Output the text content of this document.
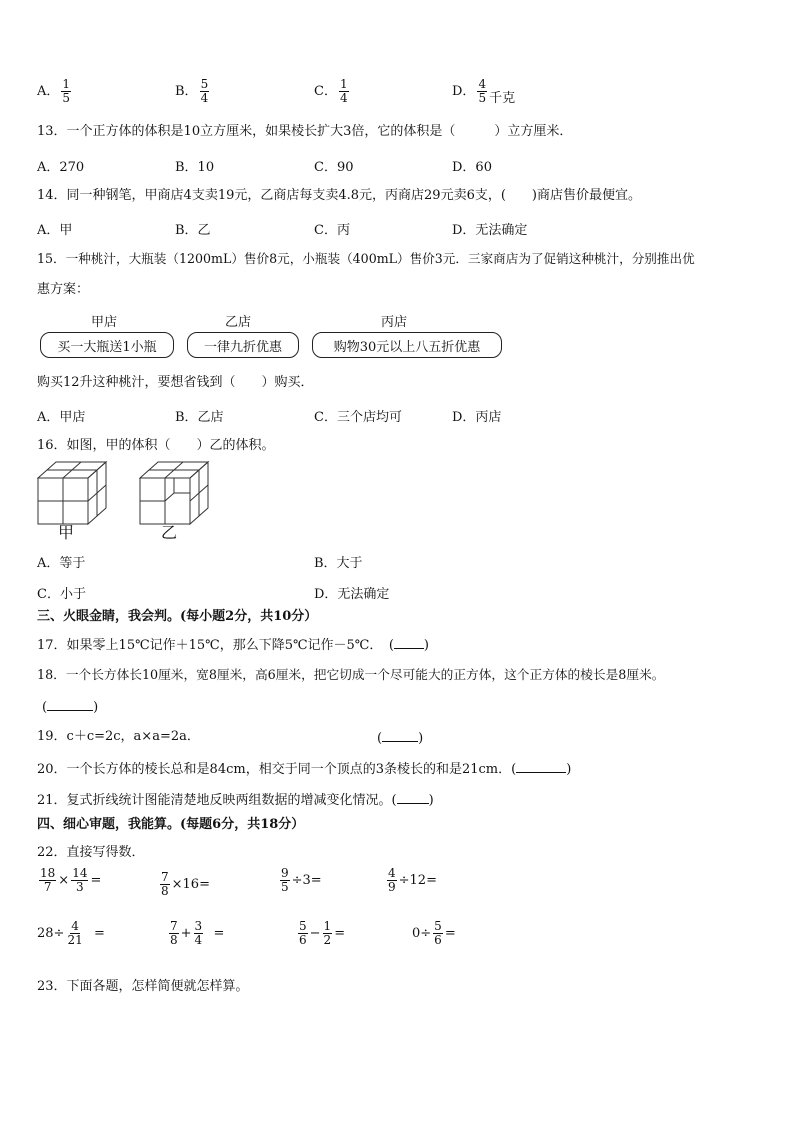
A． $\frac{1}{5}$	B． $\frac{5}{4}$	C． $\frac{1}{4}$	D． $\frac{4}{5}$ 千克
13．一个正方体的体积是10立方厘米，如果棱长扩大3倍，它的体积是（　　　）立方厘米．
A．270	B．10	C．90	D．60
14．同一种钢笔，甲商店4支卖19元，乙商店每支卖4.8元，丙商店29元卖6支，(　　)商店售价最便宜。
A．甲	B．乙	C．丙	D．无法确定
15．一种桃汁，大瓶装（1200mL）售价8元，小瓶装（400mL）售价3元．三家商店为了促销这种桃汁，分别推出优
惠方案：
甲店	乙店	丙店
买一大瓶送1小瓶	一律九折优惠	购物30元以上八五折优惠
购买12升这种桃汁，要想省钱到（　　）购买．
A．甲店	B．乙店	C．三个店均可	D．丙店
16．如图，甲的体积（　　）乙的体积。
甲	乙
A．等于	B．大于
C．小于	D．无法确定
三、火眼金睛，我会判。(每小题2分，共10分）
17．如果零上15℃记作＋15℃，那么下降5℃记作－5℃．　( )
18．一个长方体长10厘米，宽8厘米，高6厘米，把它切成一个尽可能大的正方体，这个正方体的棱长是8厘米。
(	)
19．c＋c=2c，a×a=2a．	(	)
20．一个长方体的棱长总和是84cm，相交于同一个顶点的3条棱长的和是21cm．(	)
21．复式折线统计图能清楚地反映两组数据的增减变化情况。( )
四、细心审题，我能算。(每题6分，共18分）
22．直接写得数．
$\frac{18}{7} \times \frac{14}{3}$ =	$\frac{7}{8} \times 16=$	$\frac{9}{5} \div 3=$	$\frac{4}{9} \div 12=$
$28\div \frac{4}{21}$ =	$\frac{7}{8} + \frac{3}{4}$ =	$\frac{5}{6} - \frac{1}{2}$ =	$0\div \frac{5}{6}$ =
23．下面各题，怎样简便就怎样算。
